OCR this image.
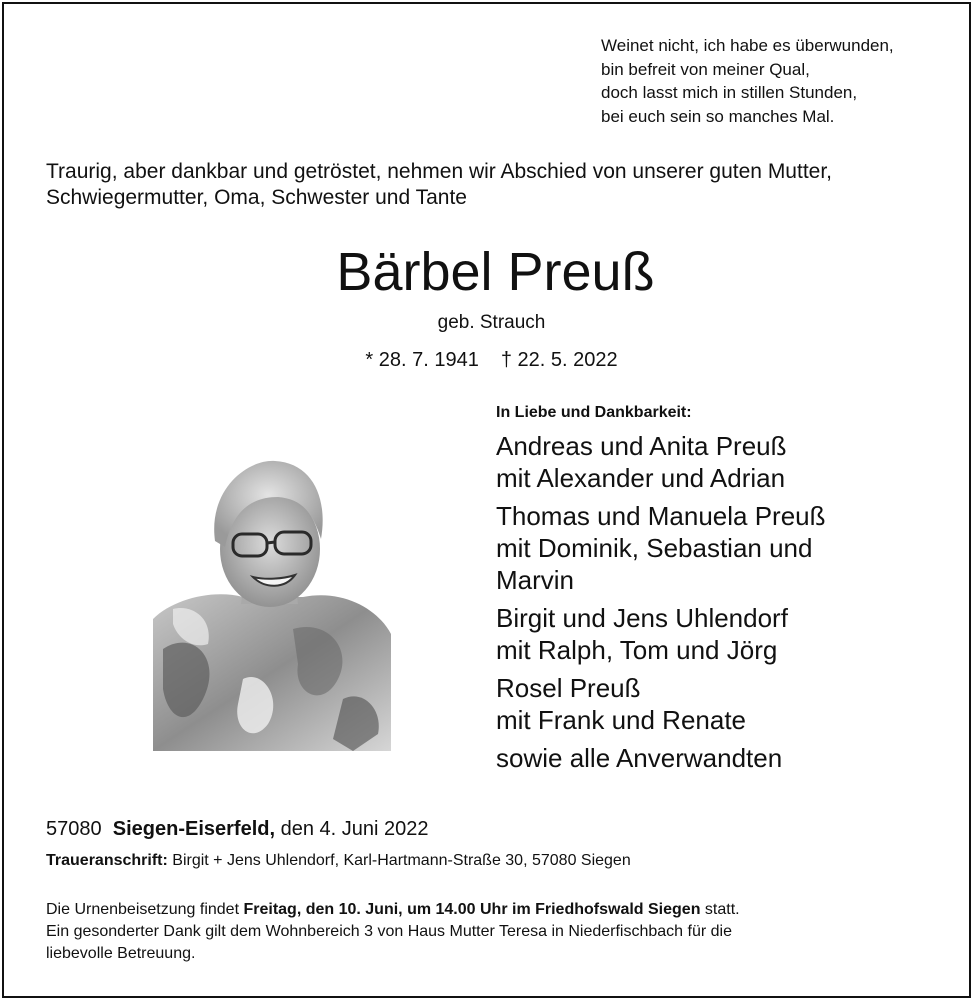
Weinet nicht, ich habe es überwunden,
bin befreit von meiner Qual,
doch lasst mich in stillen Stunden,
bei euch sein so manches Mal.
Traurig, aber dankbar und getröstet, nehmen wir Abschied von unserer guten Mutter,
Schwiegermutter, Oma, Schwester und Tante
Bärbel Preuß
geb. Strauch
* 28. 7. 1941 † 22. 5. 2022
In Liebe und Dankbarkeit:
Andreas und Anita Preuß
mit Alexander und Adrian
Thomas und Manuela Preuß
mit Dominik, Sebastian und
Marvin
Birgit und Jens Uhlendorf
mit Ralph, Tom und Jörg
Rosel Preuß
mit Frank und Renate
sowie alle Anverwandten
57080 Siegen-Eiserfeld, den 4. Juni 2022
Traueranschrift: Birgit + Jens Uhlendorf, Karl-Hartmann-Straße 30, 57080 Siegen
Die Urnenbeisetzung findet Freitag, den 10. Juni, um 14.00 Uhr im Friedhofswald Siegen statt.
Ein gesonderter Dank gilt dem Wohnbereich 3 von Haus Mutter Teresa in Niederfischbach für die
liebevolle Betreuung.
